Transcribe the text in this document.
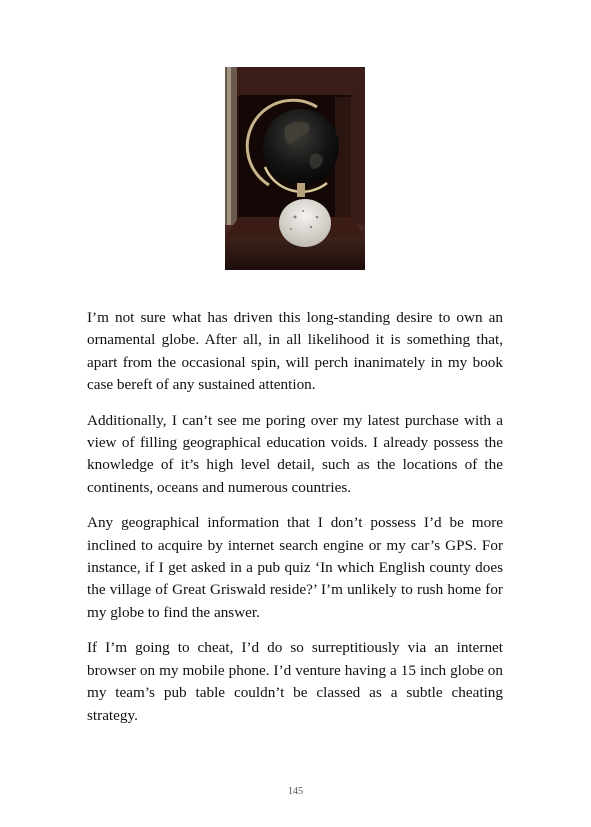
I’m not sure what has driven this long-standing desire to own an ornamental globe. After all, in all likelihood it is something that, apart from the occasional spin, will perch inanimately in my book case bereft of any sustained attention.

Additionally, I can’t see me poring over my latest purchase with a view of filling geographical education voids. I already possess the knowledge of it’s high level detail, such as the locations of the continents, oceans and numerous countries.

Any geographical information that I don’t possess I’d be more inclined to acquire by internet search engine or my car’s GPS. For instance, if I get asked in a pub quiz ‘In which English county does the village of Great Griswald reside?’ I’m unlikely to rush home for my globe to find the answer.

If I’m going to cheat, I’d do so surreptitiously via an internet browser on my mobile phone. I’d venture having a 15 inch globe on my team’s pub table couldn’t be classed as a subtle cheating strategy.

145
